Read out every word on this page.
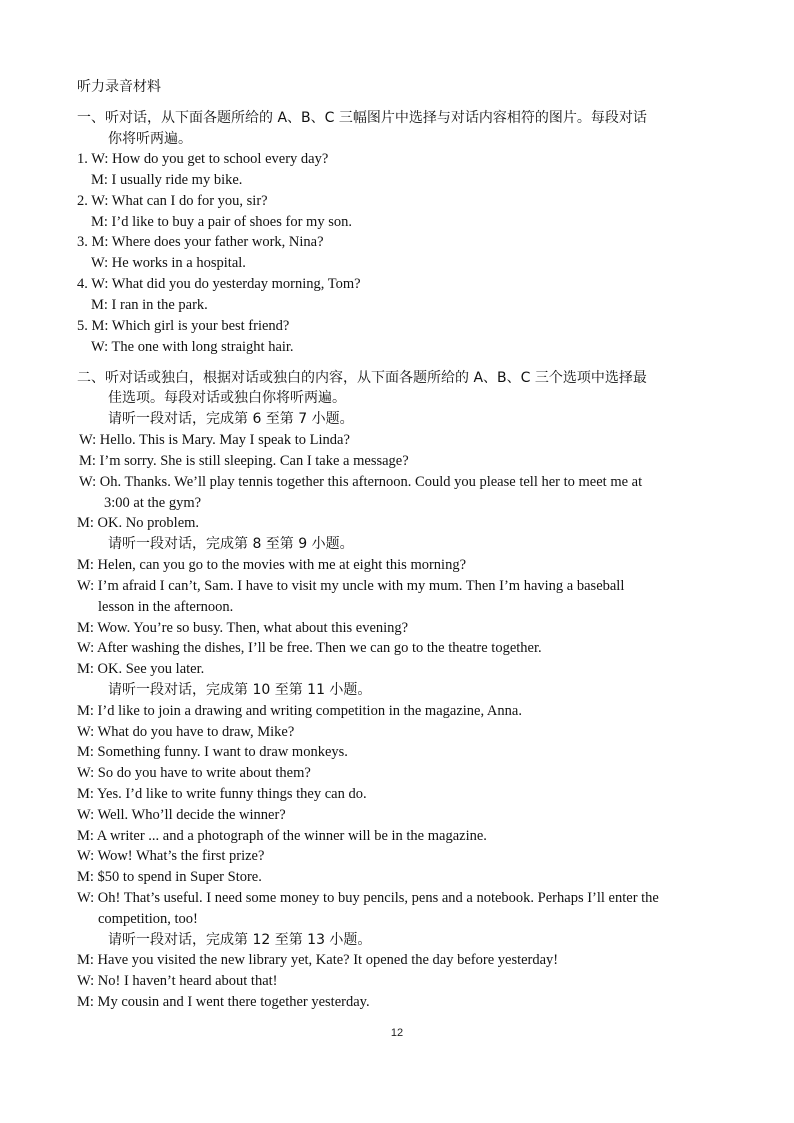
听力录音材料
一、听对话，从下面各题所给的 A、B、C 三幅图片中选择与对话内容相符的图片。每段对话
你将听两遍。
1. W: How do you get to school every day?
M: I usually ride my bike.
2. W: What can I do for you, sir?
M: I’d like to buy a pair of shoes for my son.
3. M: Where does your father work, Nina?
W: He works in a hospital.
4. W: What did you do yesterday morning, Tom?
M: I ran in the park.
5. M: Which girl is your best friend?
W: The one with long straight hair.
二、听对话或独白，根据对话或独白的内容，从下面各题所给的 A、B、C 三个选项中选择最
佳选项。每段对话或独白你将听两遍。
请听一段对话，完成第 6 至第 7 小题。
W: Hello. This is Mary. May I speak to Linda?
M: I’m sorry. She is still sleeping. Can I take a message?
W: Oh. Thanks. We’ll play tennis together this afternoon. Could you please tell her to meet me at
3:00 at the gym?
M: OK. No problem.
请听一段对话，完成第 8 至第 9 小题。
M: Helen, can you go to the movies with me at eight this morning?
W: I’m afraid I can’t, Sam. I have to visit my uncle with my mum. Then I’m having a baseball
lesson in the afternoon.
M: Wow. You’re so busy. Then, what about this evening?
W: After washing the dishes, I’ll be free. Then we can go to the theatre together.
M: OK. See you later.
请听一段对话，完成第 10 至第 11 小题。
M: I’d like to join a drawing and writing competition in the magazine, Anna.
W: What do you have to draw, Mike?
M: Something funny. I want to draw monkeys.
W: So do you have to write about them?
M: Yes. I’d like to write funny things they can do.
W: Well. Who’ll decide the winner?
M: A writer ... and a photograph of the winner will be in the magazine.
W: Wow! What’s the first prize?
M: $50 to spend in Super Store.
W: Oh! That’s useful. I need some money to buy pencils, pens and a notebook. Perhaps I’ll enter the
competition, too!
请听一段对话，完成第 12 至第 13 小题。
M: Have you visited the new library yet, Kate? It opened the day before yesterday!
W: No! I haven’t heard about that!
M: My cousin and I went there together yesterday.
12
